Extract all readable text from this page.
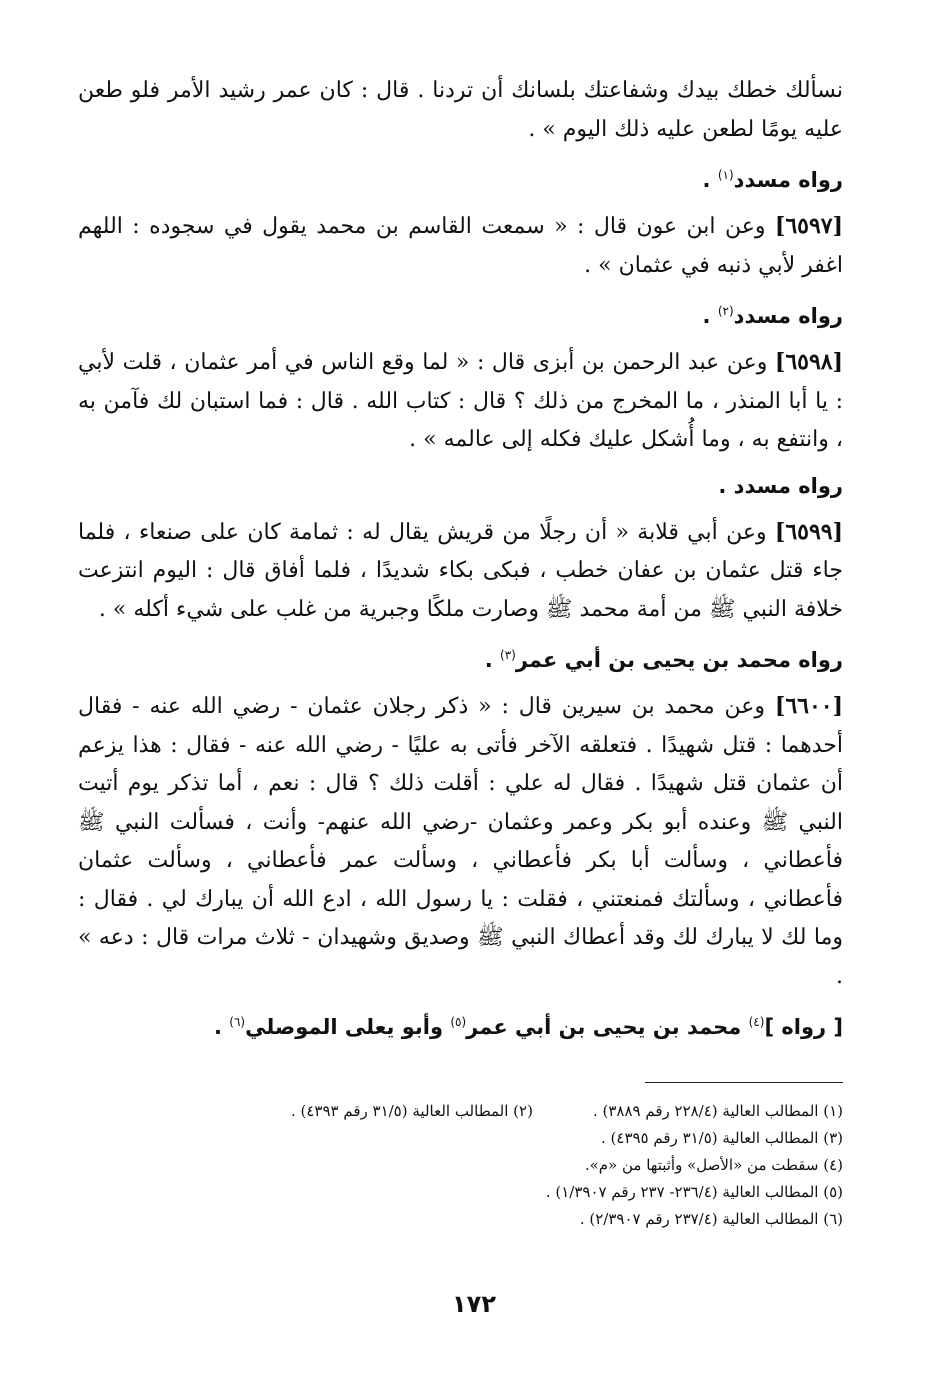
نسألك خطك بيدك وشفاعتك بلسانك أن تردنا . قال : كان عمر رشيد الأمر فلو طعن عليه يومًا لطعن عليه ذلك اليوم » .

رواه مسدد$^{(١)}$ .

[٦٥٩٧] وعن ابن عون قال : « سمعت القاسم بن محمد يقول في سجوده : اللهم اغفر لأبي ذنبه في عثمان » .

رواه مسدد$^{(٢)}$ .

[٦٥٩٨] وعن عبد الرحمن بن أبزى قال : « لما وقع الناس في أمر عثمان ، قلت لأبي : يا أبا المنذر ، ما المخرج من ذلك ؟ قال : كتاب الله . قال : فما استبان لك فآمن به ، وانتفع به ، وما أُشكل عليك فكله إلى عالمه » .

رواه مسدد .

[٦٥٩٩] وعن أبي قلابة « أن رجلًا من قريش يقال له : ثمامة كان على صنعاء ، فلما جاء قتل عثمان بن عفان خطب ، فبكى بكاء شديدًا ، فلما أفاق قال : اليوم انتزعت خلافة النبي ﷺ من أمة محمد ﷺ وصارت ملكًا وجبرية من غلب على شيء أكله » .

رواه محمد بن يحيى بن أبي عمر$^{(٣)}$ .

[٦٦٠٠] وعن محمد بن سيرين قال : « ذكر رجلان عثمان - رضي الله عنه - فقال أحدهما : قتل شهيدًا . فتعلقه الآخر فأتى به عليًا - رضي الله عنه - فقال : هذا يزعم أن عثمان قتل شهيدًا . فقال له علي : أقلت ذلك ؟ قال : نعم ، أما تذكر يوم أتيت النبي ﷺ وعنده أبو بكر وعمر وعثمان -رضي الله عنهم- وأنت ، فسألت النبي ﷺ فأعطاني ، وسألت أبا بكر فأعطاني ، وسألت عمر فأعطاني ، وسألت عثمان فأعطاني ، وسألتك فمنعتني ، فقلت : يا رسول الله ، ادع الله أن يبارك لي . فقال : وما لك لا يبارك لك وقد أعطاك النبي ﷺ وصديق وشهيدان - ثلاث مرات قال : دعه » .

[ رواه ]$^{(٤)}$ محمد بن يحيى بن أبي عمر$^{(٥)}$ وأبو يعلى الموصلي$^{(٦)}$ .
(١) المطالب العالية (٢٢٨/٤ رقم ٣٨٨٩) .
(٢) المطالب العالية (٣١/٥ رقم ٤٣٩٣) .
(٣) المطالب العالية (٣١/٥ رقم ٤٣٩٥) .
(٤) سقطت من «الأصل» وأثبتها من «م».
(٥) المطالب العالية (٢٣٦/٤- ٢٣٧ رقم ١/٣٩٠٧) .
(٦) المطالب العالية (٢٣٧/٤ رقم ٢/٣٩٠٧) .
١٧٢
